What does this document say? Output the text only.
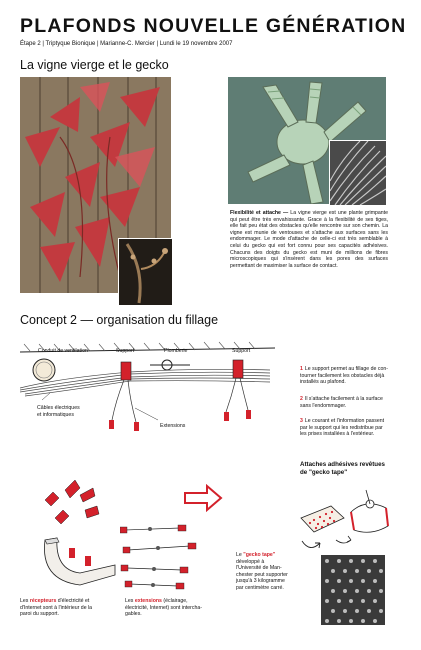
PLAFONDS NOUVELLE GÉNÉRATION
Étape 2 | Triptyque Bionique | Marianne-C. Mercier | Lundi le 19 novembre 2007
La vigne vierge et le gecko
Flexibilité et attache — La vigne vierge est une plante grimpante qui peut être très envahissante. Grace à la flexibilité de ses tiges, elle fait peu état des obstacles qu'elle rencontre sur son chemin. La vigne est munie de ventouses et s'attache aux surfaces sans les endommager. Le mode d'attache de celle-ci est très semblable à celui du gecko qui est fort connu pour ses capacités adhésives. Chacuns des doigts du gecko est muni de millions de fibres microscopiques qui s'insèrent dans les pores des surfaces permettant de maximiser la surface de contact.
Concept 2 — organisation du fillage
Conduit de ventilation	Support	Plomberie	Support
Câbles électriques
et informatiques
Extensions
1 Le support permet au fillage de con-
tourner facilement les obstacles déjà
installés au plafond.
2 Il s'attache facilement à la surface
sans l'endommager.
3 Le courant et l'information passent
par le support qui les redistribue par
les prises installées à l'extérieur.
Attaches adhésives revêtues de "gecko tape"
Le "gecko tape"
développé à
l'Université de Man-
chester peut supporter
jusqu'à 3 kilogramme
par centimètre carré.
Les récepteurs d'électricité et
d'Internet sont à l'intérieur de la
paroi du support.
Les extensions (éclairage,
électricité, Internet) sont intercha-
gables.
